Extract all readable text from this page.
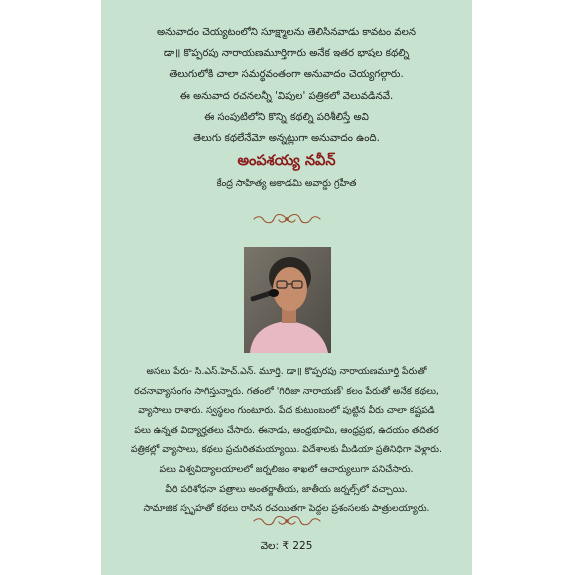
అనువాదం చెయ్యటంలోని సూక్ష్మాలను తెలిసినవాడు కావటం వలన
డా॥ కొప్పరపు నారాయణమూర్తిగారు అనేక ఇతర భాషల కథల్ని
తెలుగులోకి చాలా సమర్థవంతంగా అనువాదం చెయ్యగల్గారు.
ఈ అనువాద రచనలన్నీ 'విపుల' పత్రికలో వెలువడినవే.
ఈ సంపుటిలోని కొన్ని కథల్ని పరిశీలిస్తే అవి
తెలుగు కథలేనేమో అన్నట్లుగా అనువాదం ఉంది.
అంపశయ్య నవీన్
కేంద్ర సాహిత్య అకాడమి అవార్డు గ్రహీత
అసలు పేరు- సి.ఎస్.హెచ్.ఎన్. మూర్తి. డా॥ కొప్పరపు నారాయణమూర్తి పేరుతో
రచనావ్యాసంగం సాగిస్తున్నారు. గతంలో 'గిరిజా నారాయణ్' కలం పేరుతో అనేక కథలు,
వ్యాసాలు రాశారు. స్వస్థలం గుంటూరు. పేద కుటుంబంలో పుట్టిన వీరు చాలా కష్టపడి
పలు ఉన్నత విద్యార్హతలు చేసారు. ఈనాడు, ఆంధ్రభూమి, ఆంధ్రప్రభ, ఉదయం తదితర
పత్రికల్లో వ్యాసాలు, కథలు ప్రచురితమయ్యాయి. విదేశాలకు మీడియా ప్రతినిధిగా వెళ్లారు.
పలు విశ్వవిద్యాలయాలలో జర్నలిజం శాఖలో ఆచార్యులుగా పనిచేసారు.
వీరి పరిశోధనా పత్రాలు అంతర్జాతీయ, జాతీయ జర్నల్స్‌లో వచ్చాయి.
సామాజిక స్పృహతో కథలు రాసిన రచయితగా పెద్దల ప్రశంసలకు పాత్రులయ్యారు.
వెల: ₹ 225
